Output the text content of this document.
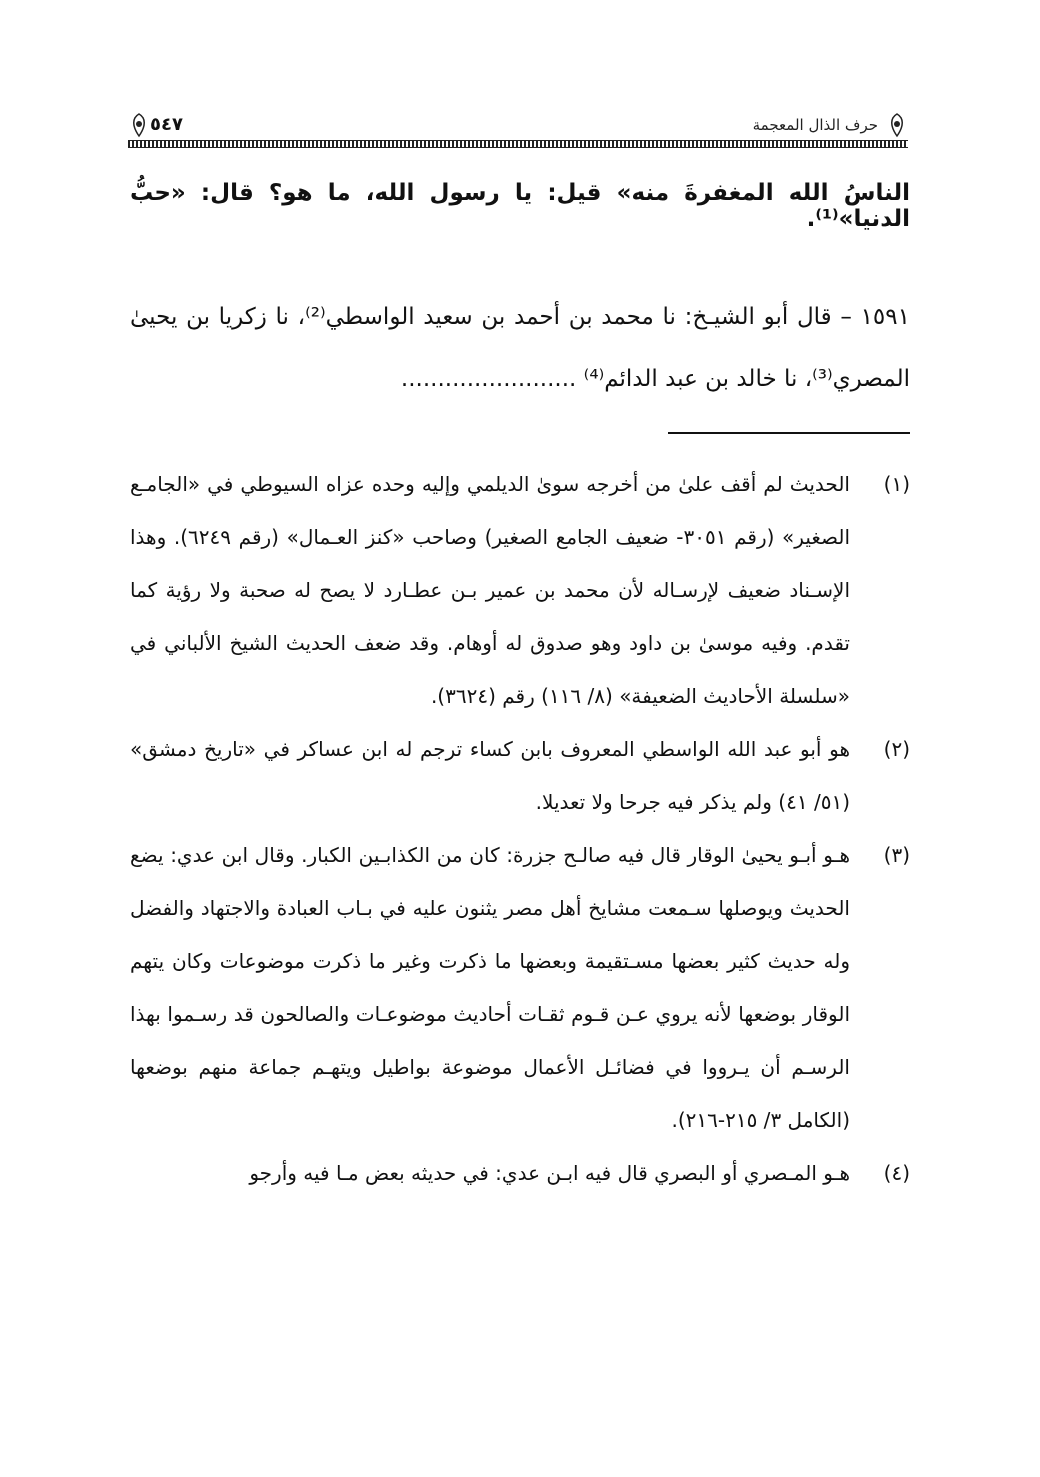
حرف الذال المعجمة
٥٤٧
الناسُ الله المغفرةَ منه» قيل: يا رسول الله، ما هو؟ قال: «حبُّ الدنيا»⁽¹⁾.
١٥٩١ – قال أبو الشيـخ: نا محمد بن أحمد بن سعيد الواسطي⁽²⁾، نا زكريا بن يحيىٰ المصري⁽³⁾، نا خالد بن عبد الدائم⁽⁴⁾ ........................
(١)
الحديث لم أقف علىٰ من أخرجه سوىٰ الديلمي وإليه وحده عزاه السيوطي في «الجامـع الصغير» (رقم ٣٠٥١- ضعيف الجامع الصغير) وصاحب «كنز العـمال» (رقم ٦٢٤٩). وهذا الإسـناد ضعيف لإرسـاله لأن محمد بن عمير بـن عطـارد لا يصح له صحبة ولا رؤية كما تقدم. وفيه موسىٰ بن داود وهو صدوق له أوهام. وقد ضعف الحديث الشيخ الألباني في «سلسلة الأحاديث الضعيفة» (٨/ ١١٦) رقم (٣٦٢٤).
(٢)
هو أبو عبد الله الواسطي المعروف بابن كساء ترجم له ابن عساكر في «تاريخ دمشق» (٥١/ ٤١) ولم يذكر فيه جرحا ولا تعديلا.
(٣)
هـو أبـو يحيىٰ الوقار قال فيه صالـح جزرة: كان من الكذابـين الكبار. وقال ابن عدي: يضع الحديث ويوصلها سـمعت مشايخ أهل مصر يثنون عليه في بـاب العبادة والاجتهاد والفضل وله حديث كثير بعضها مسـتقيمة وبعضها ما ذكرت وغير ما ذكرت موضوعات وكان يتهم الوقار بوضعها لأنه يروي عـن قـوم ثقـات أحاديث موضوعـات والصالحون قد رسـموا بهذا الرسـم أن يـرووا في فضائـل الأعمال موضوعة بواطيل ويتهـم جماعة منهم بوضعها (الكامل ٣/ ٢١٥-٢١٦).
(٤)
هـو المـصري أو البصري قال فيه ابـن عدي: في حديثه بعض مـا فيه وأرجو
